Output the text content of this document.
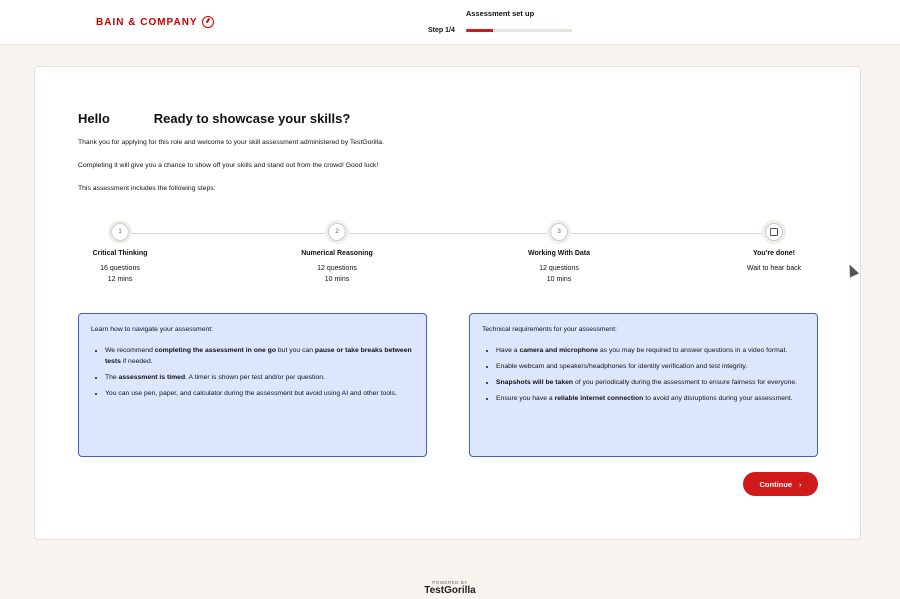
BAIN & COMPANY
Assessment set up
Step 1/4
Hello	Ready to showcase your skills?
Thank you for applying for this role and welcome to your skill assessment administered by TestGorilla.
Completing it will give you a chance to show off your skills and stand out from the crowd! Good luck!
This assessment includes the following steps:
1
Critical Thinking
16 questions
12 mins
2
Numerical Reasoning
12 questions
10 mins
3
Working With Data
12 questions
10 mins
You're done!
Wait to hear back
Learn how to navigate your assessment:
• We recommend completing the assessment in one go but you can pause or take breaks between tests if needed.
• The assessment is timed. A timer is shown per test and/or per question.
• You can use pen, paper, and calculator during the assessment but avoid using AI and other tools.
Technical requirements for your assessment:
• Have a camera and microphone as you may be required to answer questions in a video format.
• Enable webcam and speakers/headphones for identity verification and test integrity.
• Snapshots will be taken of you periodically during the assessment to ensure fairness for everyone.
• Ensure you have a reliable internet connection to avoid any disruptions during your assessment.
Continue ›
POWERED BY
TestGorilla
